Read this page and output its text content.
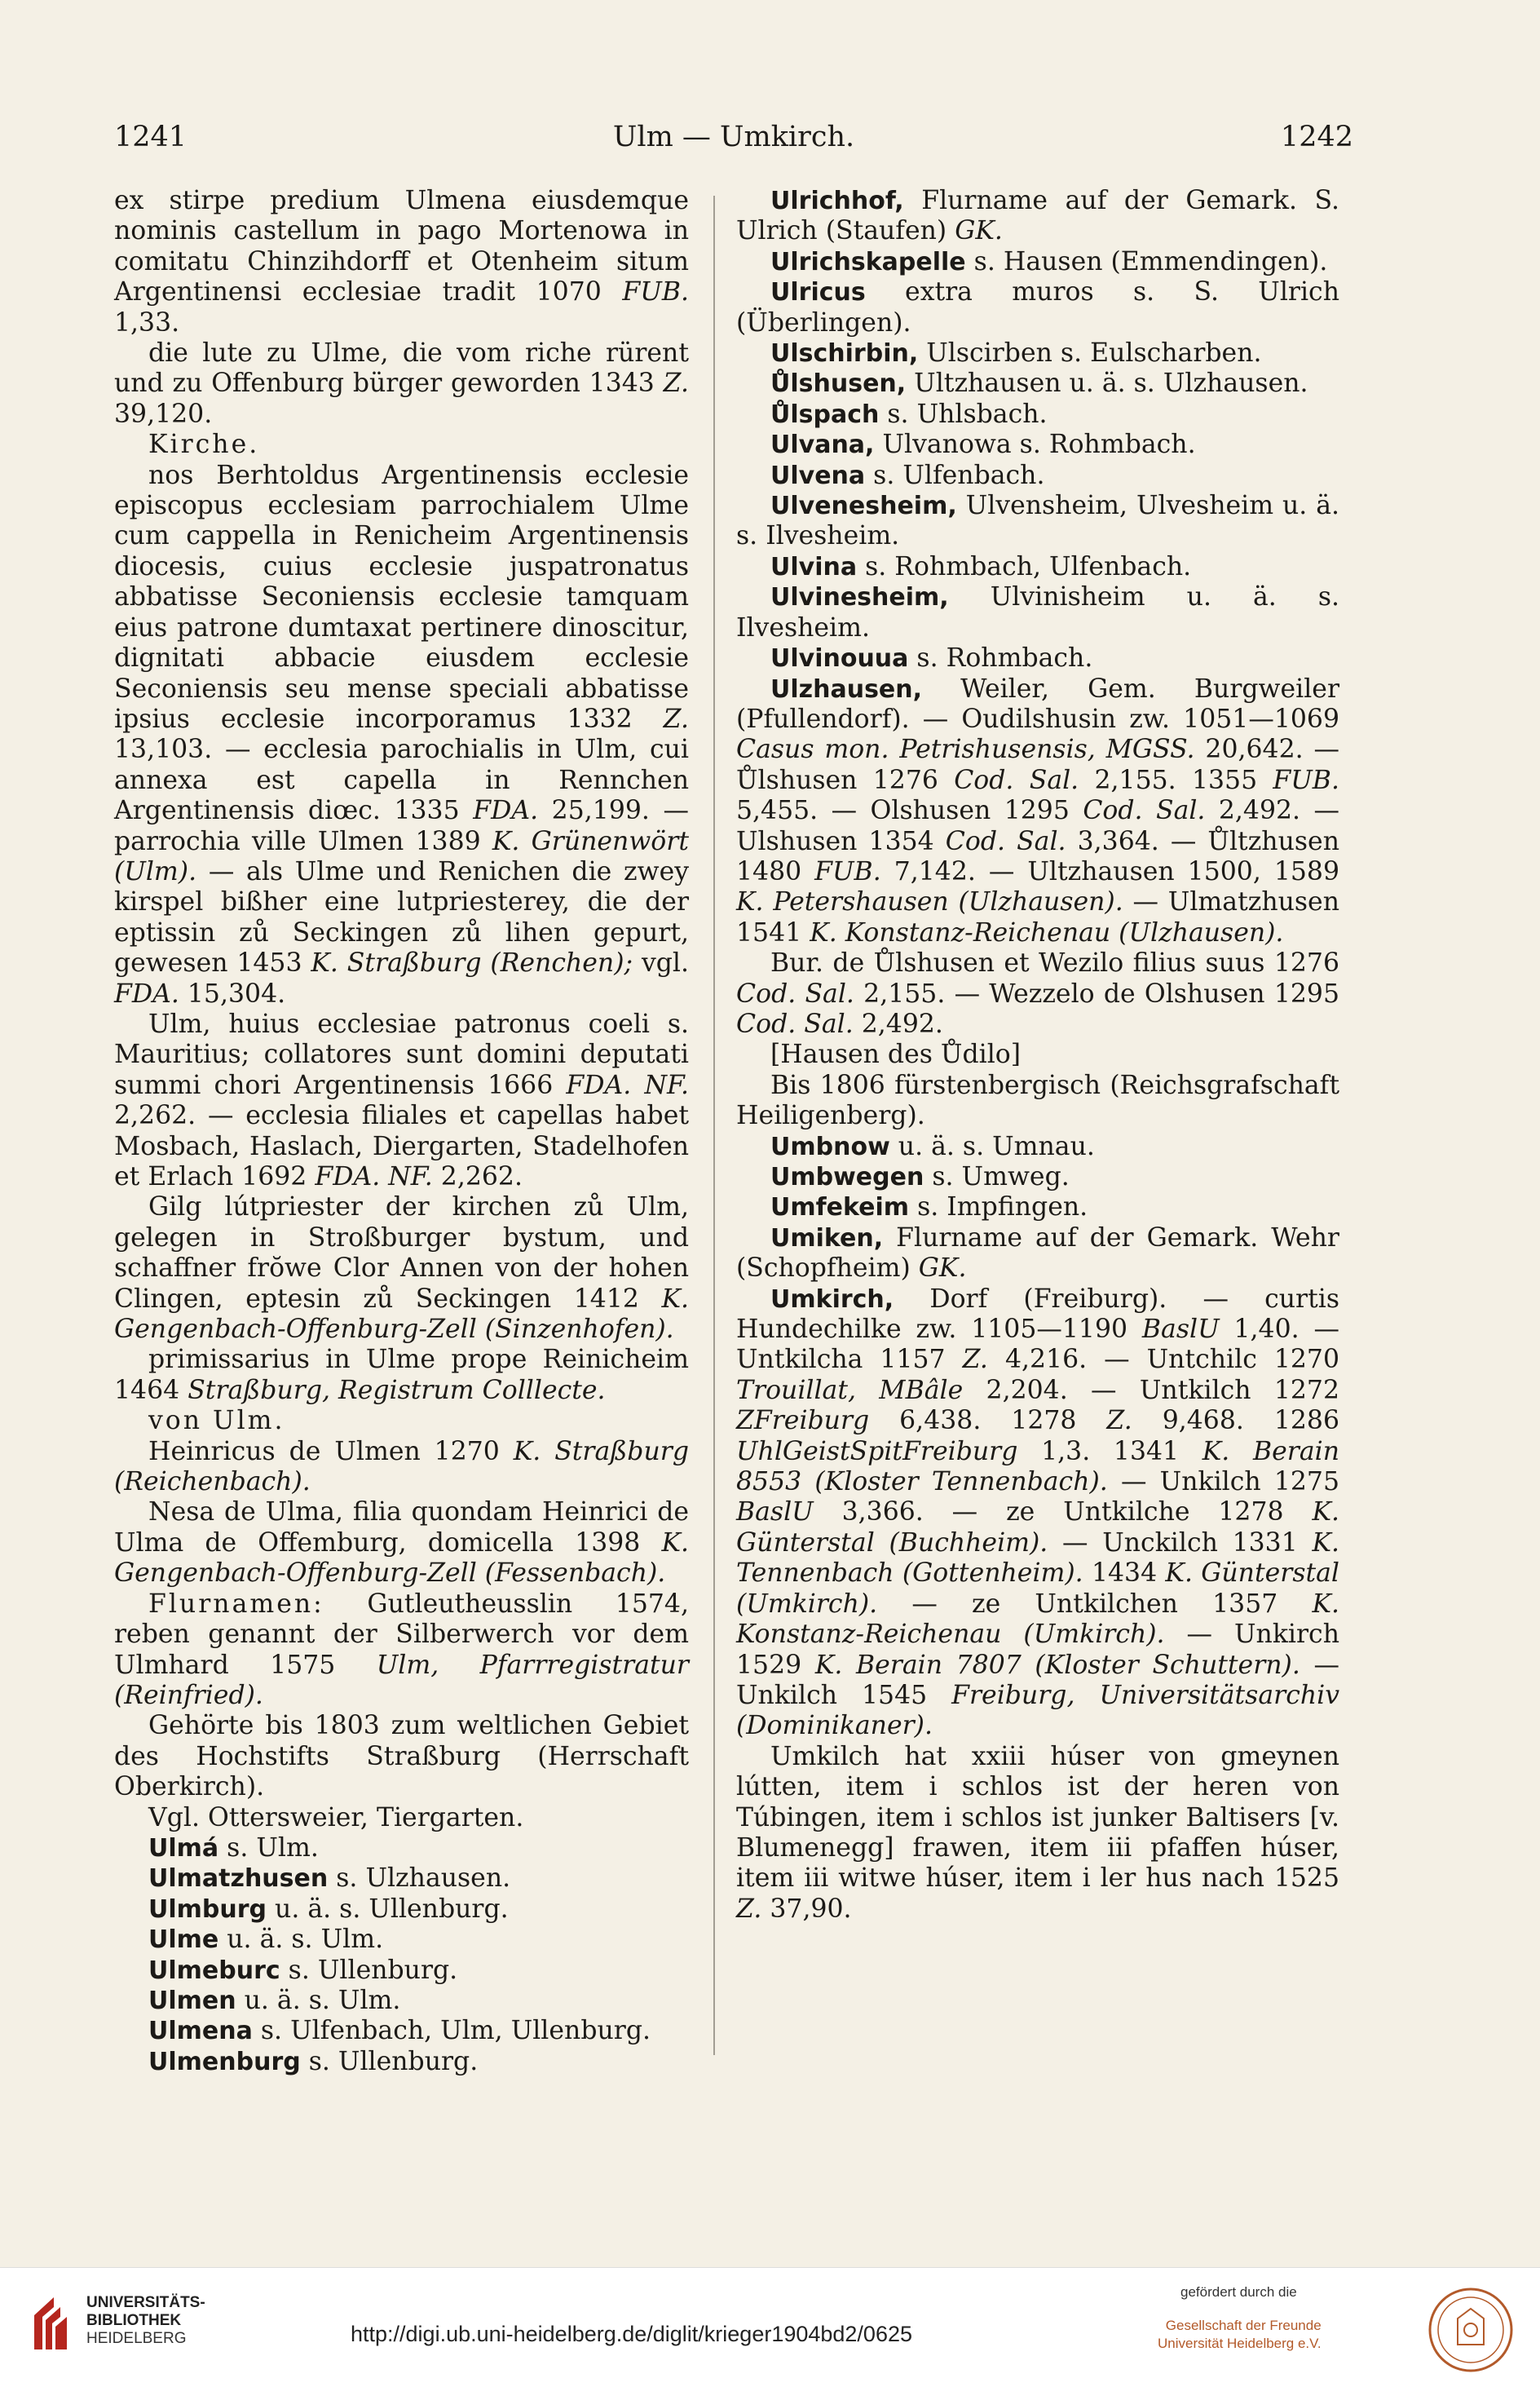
1241	Ulm — Umkirch.	1242

ex stirpe predium Ulmena eiusdemque nominis castellum in pago Mortenowa in comitatu Chinzihdorff et Otenheim situm Argentinensi ecclesiae tradit 1070 FUB. 1,33.

die lute zu Ulme, die vom riche rürent und zu Offenburg bürger geworden 1343 Z. 39,120.

Kirche.

nos Berhtoldus Argentinensis ecclesie episcopus ecclesiam parrochialem Ulme cum cappella in Renicheim Argentinensis diocesis, cuius ecclesie juspatronatus abbatisse Seconiensis ecclesie tamquam eius patrone dumtaxat pertinere dinoscitur, dignitati abbacie eiusdem ecclesie Seconiensis seu mense speciali abbatisse ipsius ecclesie incorporamus 1332 Z. 13,103. — ecclesia parochialis in Ulm, cui annexa est capella in Rennchen Argentinensis diœc. 1335 FDA. 25,199. — parrochia ville Ulmen 1389 K. Grünenwört (Ulm). — als Ulme und Renichen die zwey kirspel bißher eine lutpriesterey, die der eptissin zů Seckingen zů lihen gepurt, gewesen 1453 K. Straßburg (Renchen); vgl. FDA. 15,304.

Ulm, huius ecclesiae patronus coeli s. Mauritius; collatores sunt domini deputati summi chori Argentinensis 1666 FDA. NF. 2,262. — ecclesia filiales et capellas habet Mosbach, Haslach, Diergarten, Stadelhofen et Erlach 1692 FDA. NF. 2,262.

Gilg lútpriester der kirchen zů Ulm, gelegen in Stroßburger bystum, und schaffner frŏwe Clor Annen von der hohen Clingen, eptesin zů Seckingen 1412 K. Gengenbach-Offenburg-Zell (Sinzenhofen).

primissarius in Ulme prope Reinicheim 1464 Straßburg, Registrum Colllecte.

von Ulm.

Heinricus de Ulmen 1270 K. Straßburg (Reichenbach).

Nesa de Ulma, filia quondam Heinrici de Ulma de Offemburg, domicella 1398 K. Gengenbach-Offenburg-Zell (Fessenbach).

Flurnamen: Gutleutheusslin 1574, reben genannt der Silberwerch vor dem Ulmhard 1575 Ulm, Pfarrregistratur (Reinfried).

Gehörte bis 1803 zum weltlichen Gebiet des Hochstifts Straßburg (Herrschaft Oberkirch).

Vgl. Ottersweier, Tiergarten.

Ulmá s. Ulm.

Ulmatzhusen s. Ulzhausen.

Ulmburg u. ä. s. Ullenburg.

Ulme u. ä. s. Ulm.

Ulmeburc s. Ullenburg.

Ulmen u. ä. s. Ulm.

Ulmena s. Ulfenbach, Ulm, Ullenburg.

Ulmenburg s. Ullenburg.

Ulrichhof, Flurname auf der Gemark. S. Ulrich (Staufen) GK.

Ulrichskapelle s. Hausen (Emmendingen).

Ulricus extra muros s. S. Ulrich (Überlingen).

Ulschirbin, Ulscirben s. Eulscharben.

Ůlshusen, Ultzhausen u. ä. s. Ulzhausen.

Ůlspach s. Uhlsbach.

Ulvana, Ulvanowa s. Rohmbach.

Ulvena s. Ulfenbach.

Ulvenesheim, Ulvensheim, Ulvesheim u. ä. s. Ilvesheim.

Ulvina s. Rohmbach, Ulfenbach.

Ulvinesheim, Ulvinisheim u. ä. s. Ilvesheim.

Ulvinouua s. Rohmbach.

Ulzhausen, Weiler, Gem. Burgweiler (Pfullendorf). — Oudilshusin zw. 1051—1069 Casus mon. Petrishusensis, MGSS. 20,642. — Ůlshusen 1276 Cod. Sal. 2,155. 1355 FUB. 5,455. — Olshusen 1295 Cod. Sal. 2,492. — Ulshusen 1354 Cod. Sal. 3,364. — Ůltzhusen 1480 FUB. 7,142. — Ultzhausen 1500, 1589 K. Petershausen (Ulzhausen). — Ulmatzhusen 1541 K. Konstanz-Reichenau (Ulzhausen).

Bur. de Ůlshusen et Wezilo filius suus 1276 Cod. Sal. 2,155. — Wezzelo de Olshusen 1295 Cod. Sal. 2,492.

[Hausen des Ůdilo]

Bis 1806 fürstenbergisch (Reichsgrafschaft Heiligenberg).

Umbnow u. ä. s. Umnau.

Umbwegen s. Umweg.

Umfekeim s. Impfingen.

Umiken, Flurname auf der Gemark. Wehr (Schopfheim) GK.

Umkirch, Dorf (Freiburg). — curtis Hundechilke zw. 1105—1190 BaslU 1,40. — Untkilcha 1157 Z. 4,216. — Untchilc 1270 Trouillat, MBâle 2,204. — Untkilch 1272 ZFreiburg 6,438. 1278 Z. 9,468. 1286 UhlGeistSpitFreiburg 1,3. 1341 K. Berain 8553 (Kloster Tennenbach). — Unkilch 1275 BaslU 3,366. — ze Untkilche 1278 K. Günterstal (Buchheim). — Unckilch 1331 K. Tennenbach (Gottenheim). 1434 K. Günterstal (Umkirch). — ze Untkilchen 1357 K. Konstanz-Reichenau (Umkirch). — Unkirch 1529 K. Berain 7807 (Kloster Schuttern). — Unkilch 1545 Freiburg, Universitätsarchiv (Dominikaner).

Umkilch hat xxiii húser von gmeynen lútten, item i schlos ist der heren von Túbingen, item i schlos ist junker Baltisers [v. Blumenegg] frawen, item iii pfaffen húser, item iii witwe húser, item i ler hus nach 1525 Z. 37,90.

UNIVERSITÄTS-
BIBLIOTHEK
HEIDELBERG	http://digi.ub.uni-heidelberg.de/diglit/krieger1904bd2/0625
gefördert durch die
Gesellschaft der Freunde
Universität Heidelberg e.V.
